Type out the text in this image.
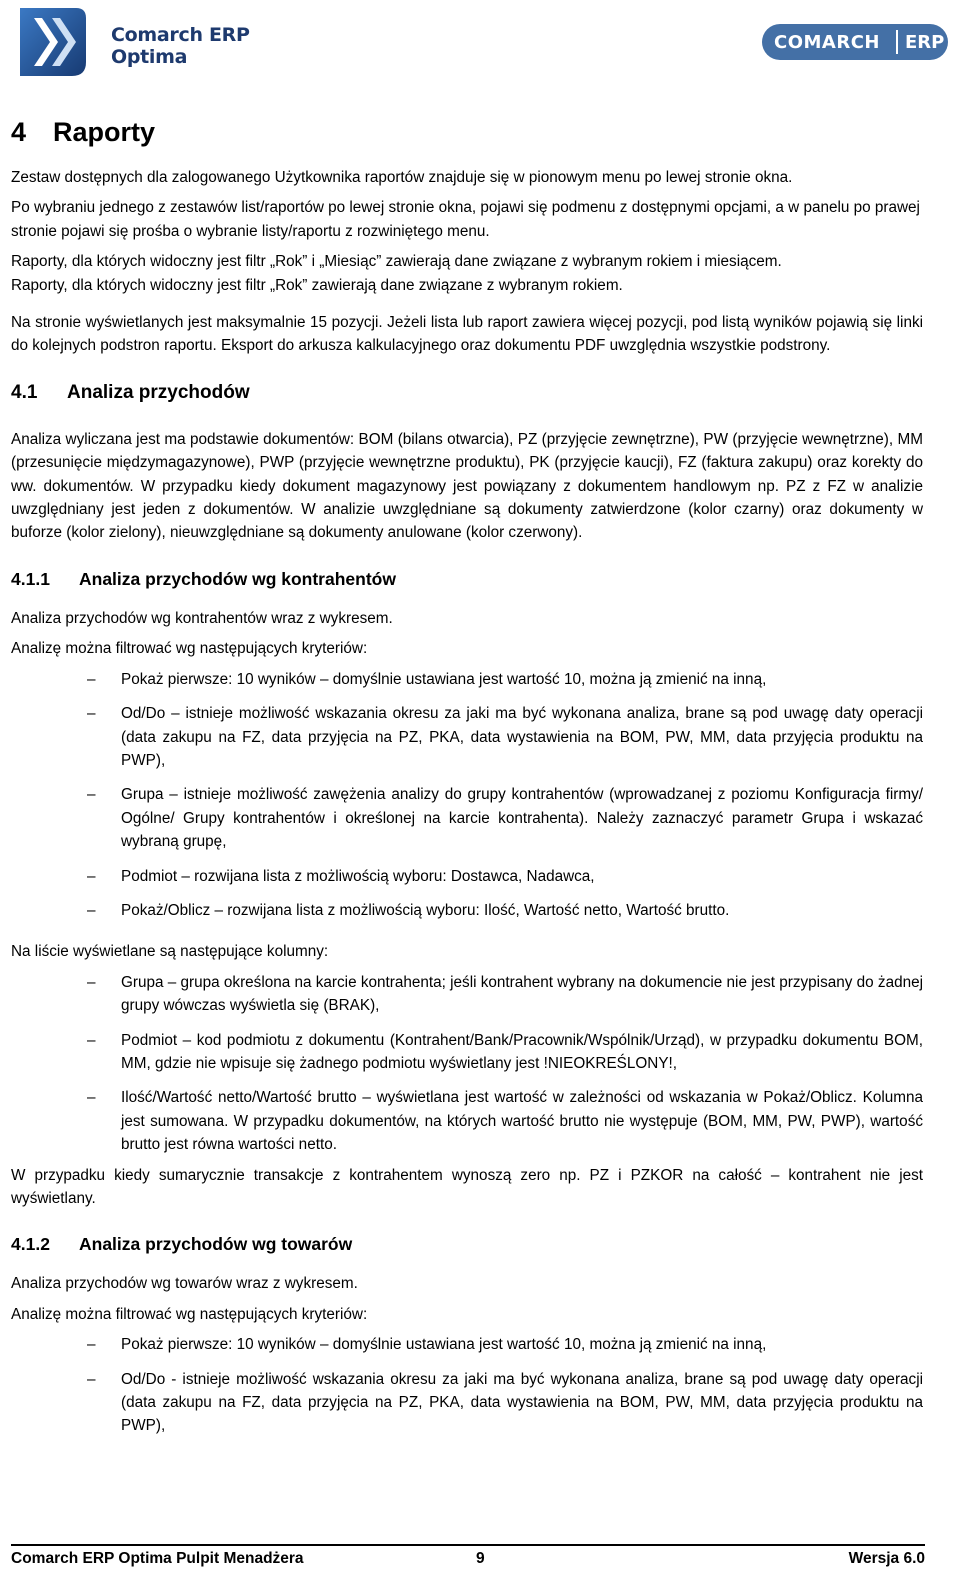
Comarch ERP
Optima
COMARCH ERP
4 Raporty

Zestaw dostępnych dla zalogowanego Użytkownika raportów znajduje się w pionowym menu po lewej stronie okna.

Po wybraniu jednego z zestawów list/raportów po lewej stronie okna, pojawi się podmenu z dostępnymi opcjami, a w panelu po prawej stronie pojawi się prośba o wybranie listy/raportu z rozwiniętego menu.

Raporty, dla których widoczny jest filtr „Rok” i „Miesiąc” zawierają dane związane z wybranym rokiem i miesiącem.

Raporty, dla których widoczny jest filtr „Rok” zawierają dane związane z wybranym rokiem.

Na stronie wyświetlanych jest maksymalnie 15 pozycji. Jeżeli lista lub raport zawiera więcej pozycji, pod listą wyników pojawią się linki do kolejnych podstron raportu. Eksport do arkusza kalkulacyjnego oraz dokumentu PDF uwzględnia wszystkie podstrony.

4.1 Analiza przychodów

Analiza wyliczana jest ma podstawie dokumentów: BOM (bilans otwarcia), PZ (przyjęcie zewnętrzne), PW (przyjęcie wewnętrzne), MM (przesunięcie międzymagazynowe), PWP (przyjęcie wewnętrzne produktu), PK (przyjęcie kaucji), FZ (faktura zakupu) oraz korekty do ww. dokumentów. W przypadku kiedy dokument magazynowy jest powiązany z dokumentem handlowym np. PZ z FZ w analizie uwzględniany jest jeden z dokumentów. W analizie uwzględniane są dokumenty zatwierdzone (kolor czarny) oraz dokumenty w buforze (kolor zielony), nieuwzględniane są dokumenty anulowane (kolor czerwony).

4.1.1 Analiza przychodów wg kontrahentów

Analiza przychodów wg kontrahentów wraz z wykresem.

Analizę można filtrować wg następujących kryteriów:

– Pokaż pierwsze: 10 wyników – domyślnie ustawiana jest wartość 10, można ją zmienić na inną,
– Od/Do – istnieje możliwość wskazania okresu za jaki ma być wykonana analiza, brane są pod uwagę daty operacji (data zakupu na FZ, data przyjęcia na PZ, PKA, data wystawienia na BOM, PW, MM, data przyjęcia produktu na PWP),
– Grupa – istnieje możliwość zawężenia analizy do grupy kontrahentów (wprowadzanej z poziomu Konfiguracja firmy/ Ogólne/ Grupy kontrahentów i określonej na karcie kontrahenta). Należy zaznaczyć parametr Grupa i wskazać wybraną grupę,
– Podmiot – rozwijana lista z możliwością wyboru: Dostawca, Nadawca,
– Pokaż/Oblicz – rozwijana lista z możliwością wyboru: Ilość, Wartość netto, Wartość brutto.

Na liście wyświetlane są następujące kolumny:

– Grupa – grupa określona na karcie kontrahenta; jeśli kontrahent wybrany na dokumencie nie jest przypisany do żadnej grupy wówczas wyświetla się (BRAK),
– Podmiot – kod podmiotu z dokumentu (Kontrahent/Bank/Pracownik/Wspólnik/Urząd), w przypadku dokumentu BOM, MM, gdzie nie wpisuje się żadnego podmiotu wyświetlany jest !NIEOKREŚLONY!,
– Ilość/Wartość netto/Wartość brutto – wyświetlana jest wartość w zależności od wskazania w Pokaż/Oblicz. Kolumna jest sumowana. W przypadku dokumentów, na których wartość brutto nie występuje (BOM, MM, PW, PWP), wartość brutto jest równa wartości netto.

W przypadku kiedy sumarycznie transakcje z kontrahentem wynoszą zero np. PZ i PZKOR na całość – kontrahent nie jest wyświetlany.

4.1.2 Analiza przychodów wg towarów

Analiza przychodów wg towarów wraz z wykresem.

Analizę można filtrować wg następujących kryteriów:

– Pokaż pierwsze: 10 wyników – domyślnie ustawiana jest wartość 10, można ją zmienić na inną,
– Od/Do - istnieje możliwość wskazania okresu za jaki ma być wykonana analiza, brane są pod uwagę daty operacji (data zakupu na FZ, data przyjęcia na PZ, PKA, data wystawienia na BOM, PW, MM, data przyjęcia produktu na PWP),
Comarch ERP Optima Pulpit Menadżera	9	Wersja 6.0
